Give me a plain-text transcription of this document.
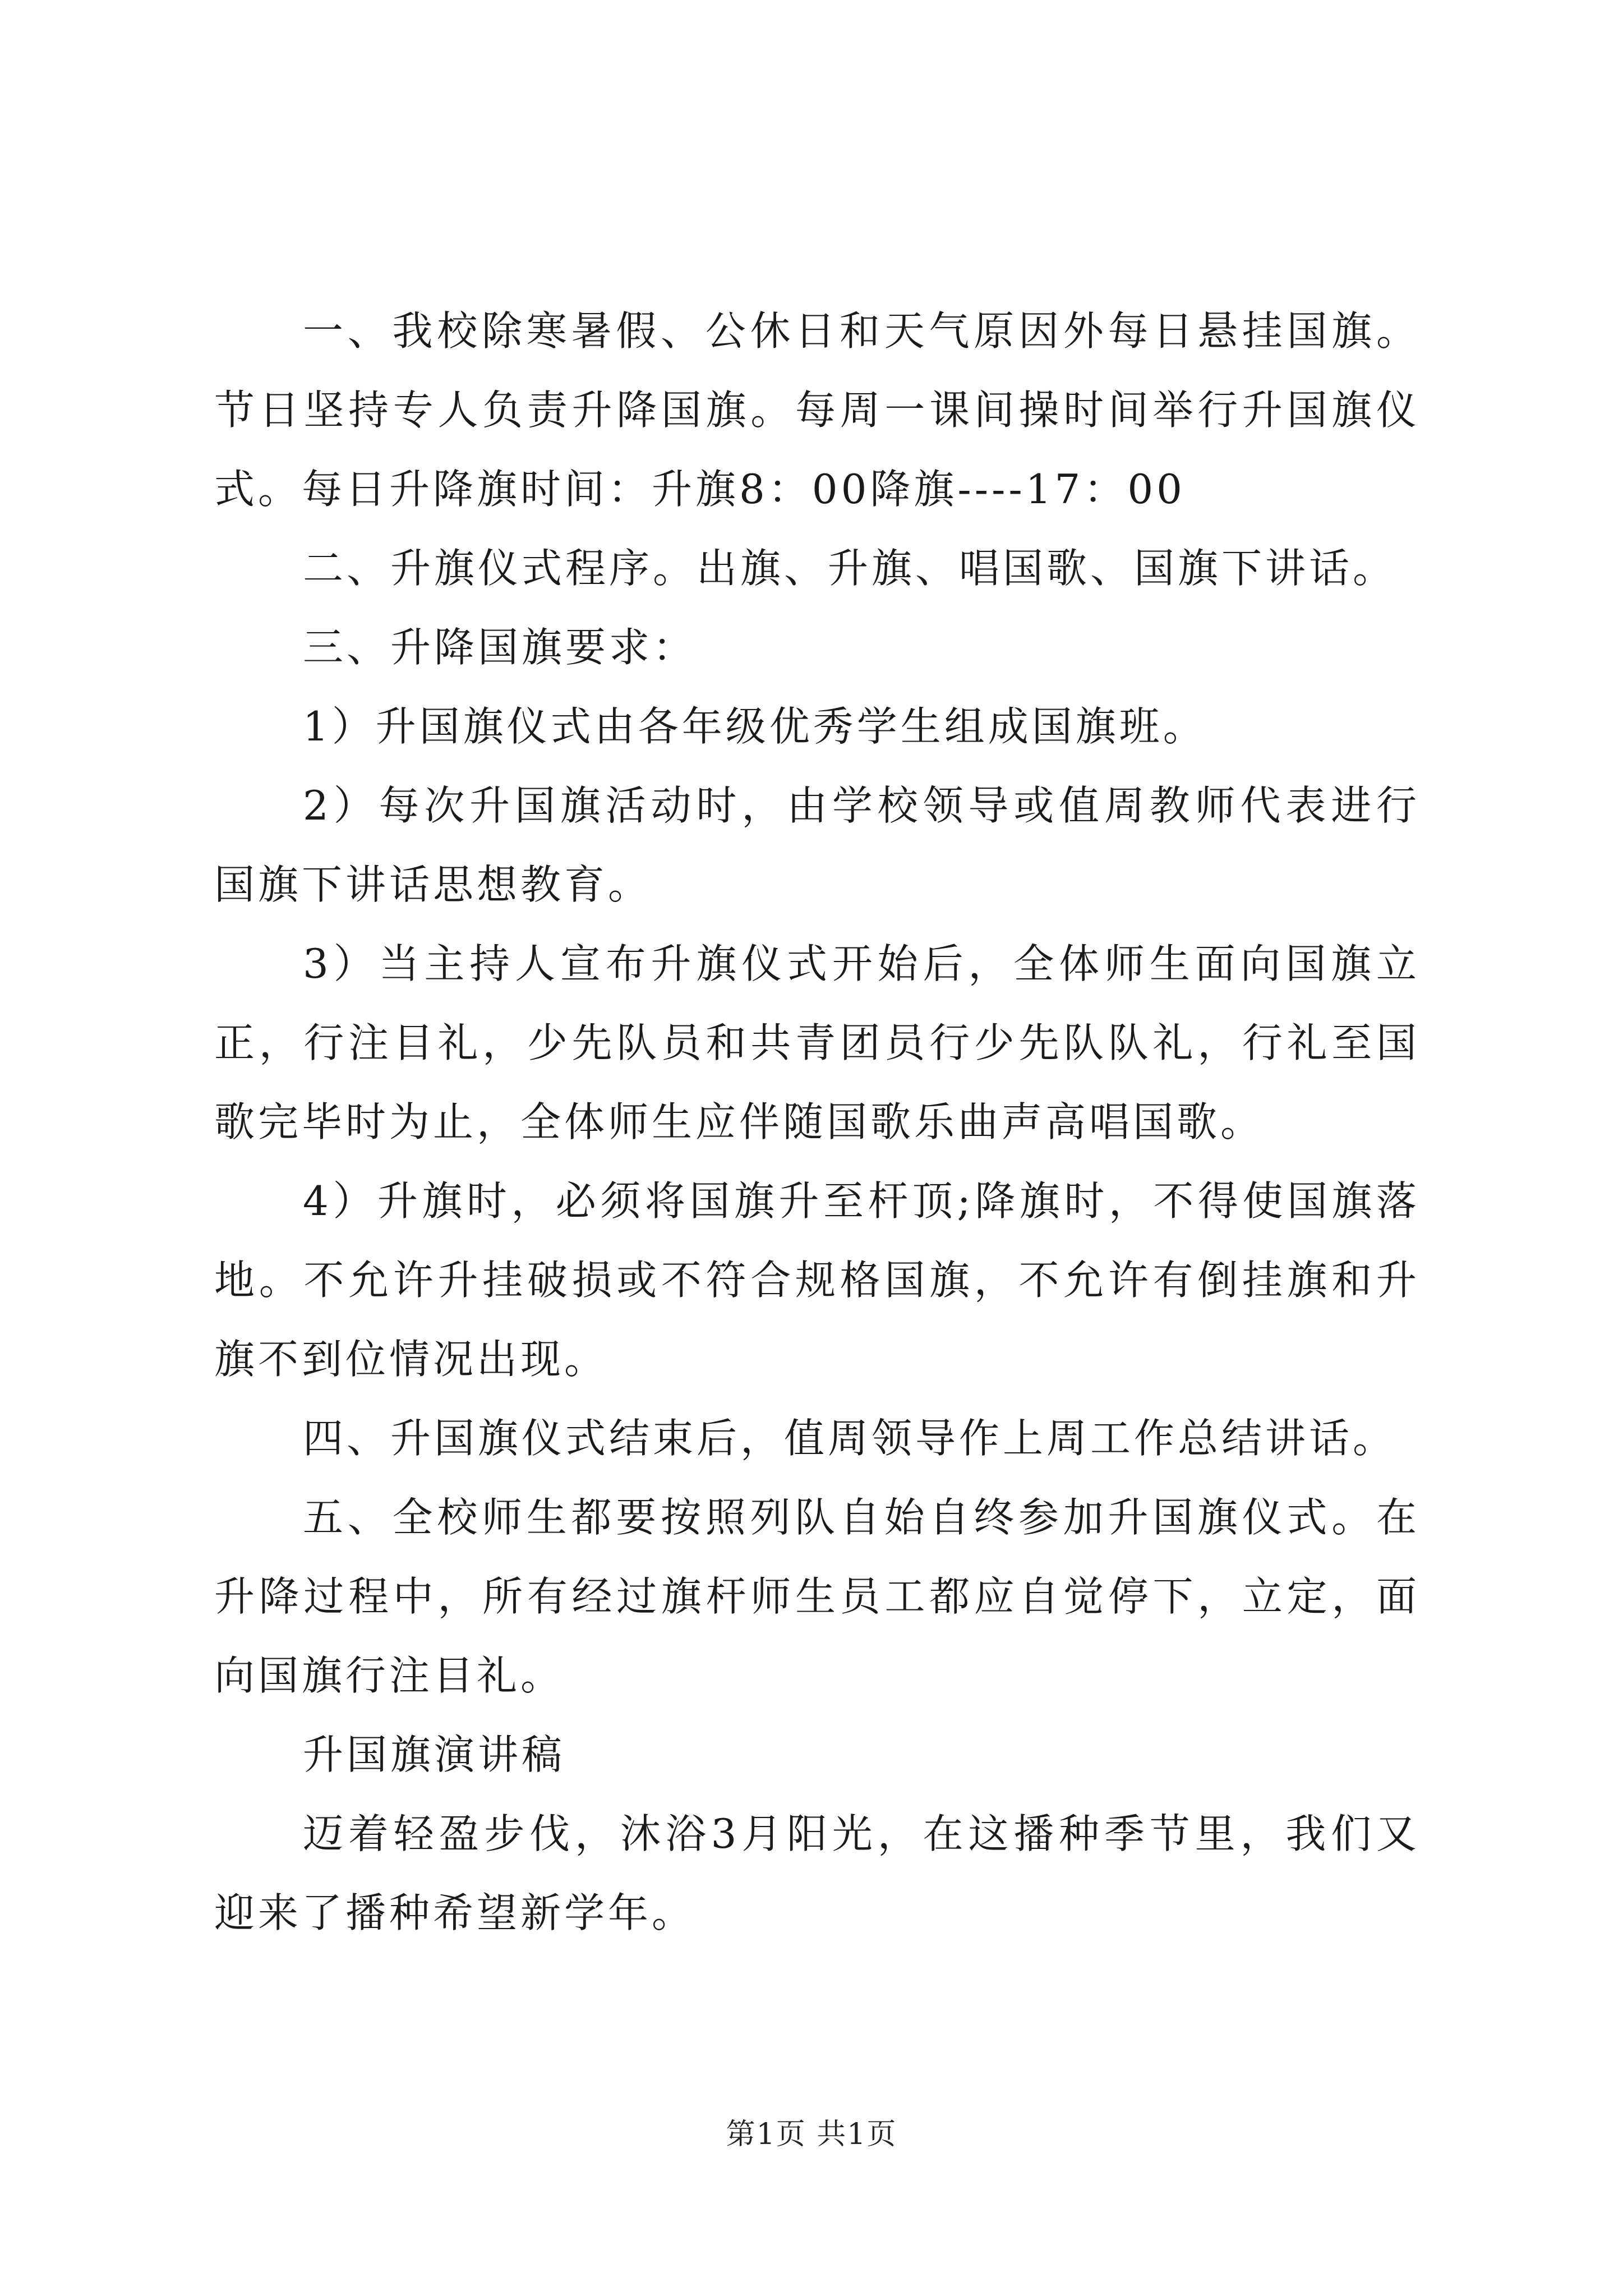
一、我校除寒暑假、公休日和天气原因外每日悬挂国旗。节日坚持专人负责升降国旗。每周一课间操时间举行升国旗仪式。每日升降旗时间：升旗8：00降旗----17：00

二、升旗仪式程序。出旗、升旗、唱国歌、国旗下讲话。

三、升降国旗要求：

1）升国旗仪式由各年级优秀学生组成国旗班。

2）每次升国旗活动时，由学校领导或值周教师代表进行国旗下讲话思想教育。

3）当主持人宣布升旗仪式开始后，全体师生面向国旗立正，行注目礼，少先队员和共青团员行少先队队礼，行礼至国歌完毕时为止，全体师生应伴随国歌乐曲声高唱国歌。

4）升旗时，必须将国旗升至杆顶;降旗时，不得使国旗落地。不允许升挂破损或不符合规格国旗，不允许有倒挂旗和升旗不到位情况出现。

四、升国旗仪式结束后，值周领导作上周工作总结讲话。

五、全校师生都要按照列队自始自终参加升国旗仪式。在升降过程中，所有经过旗杆师生员工都应自觉停下，立定，面向国旗行注目礼。

升国旗演讲稿

迈着轻盈步伐，沐浴3月阳光，在这播种季节里，我们又迎来了播种希望新学年。

第1页 共1页
